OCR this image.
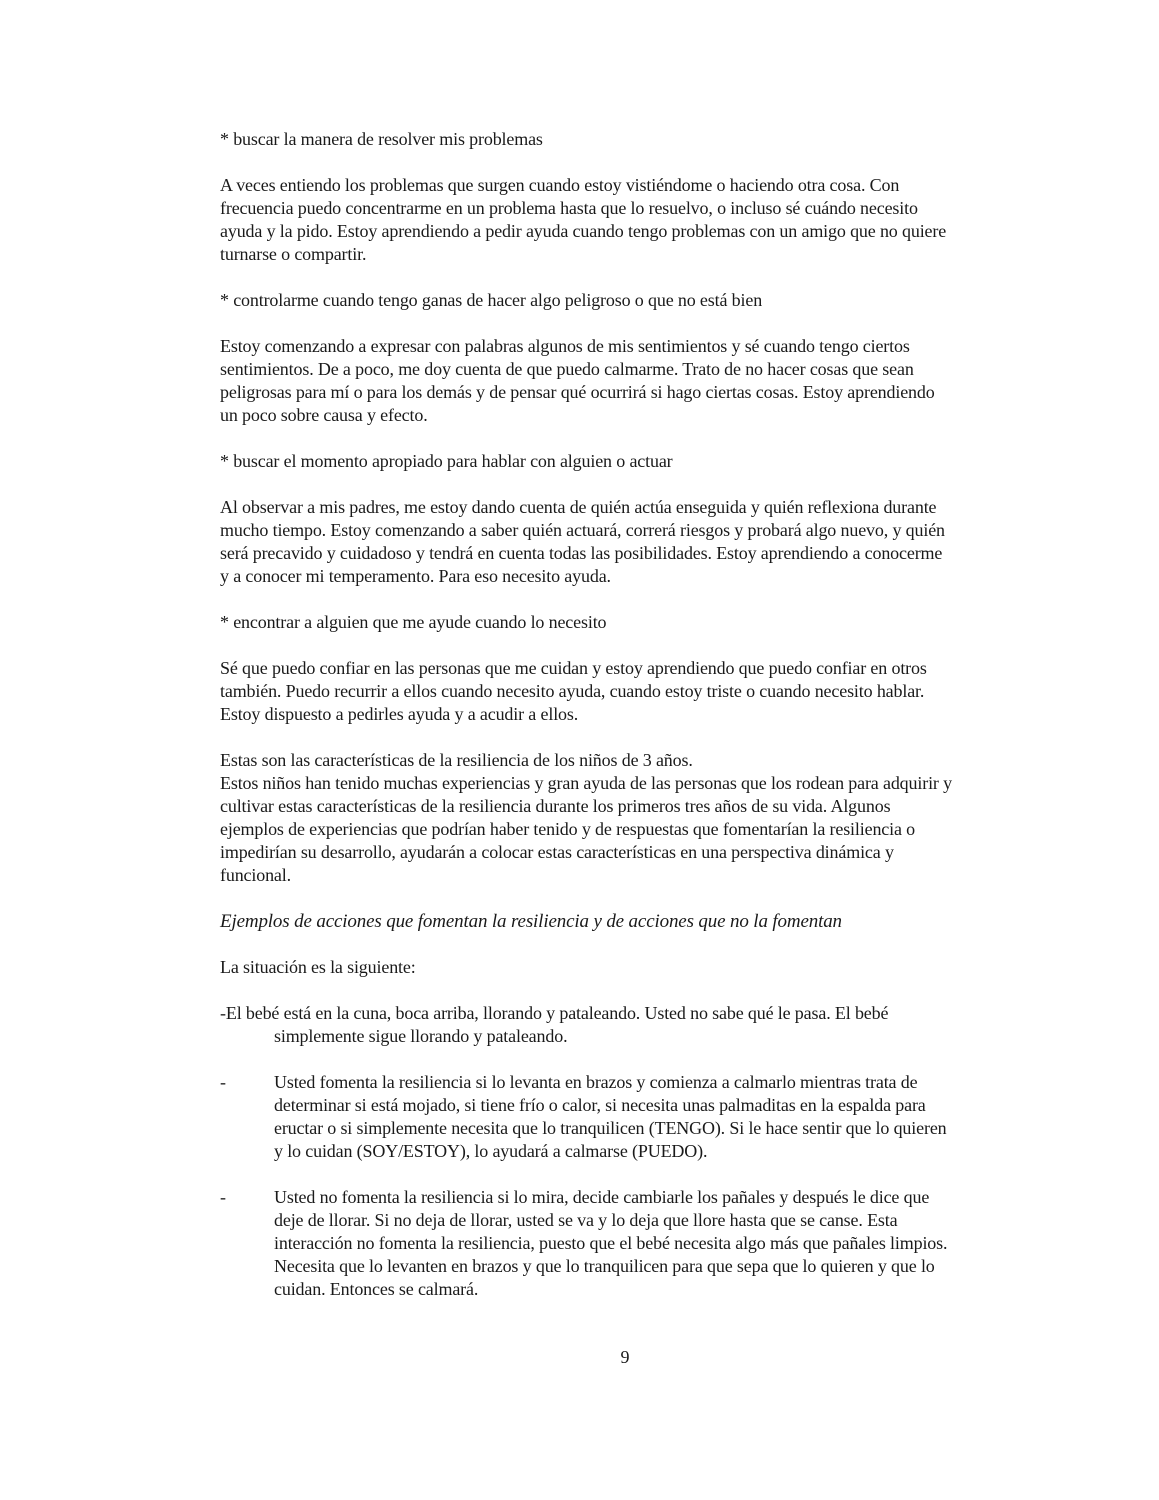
* buscar la manera de resolver mis problemas
A veces entiendo los problemas que surgen cuando estoy vistiéndome o haciendo otra cosa. Con
frecuencia puedo concentrarme en un problema hasta que lo resuelvo, o incluso sé cuándo necesito
ayuda y la pido. Estoy aprendiendo a pedir ayuda cuando tengo problemas con un amigo que no quiere
turnarse o compartir.
* controlarme cuando tengo ganas de hacer algo peligroso o que no está bien
Estoy comenzando a expresar con palabras algunos de mis sentimientos y sé cuando tengo ciertos
sentimientos. De a poco, me doy cuenta de que puedo calmarme. Trato de no hacer cosas que sean
peligrosas para mí o para los demás y de pensar qué ocurrirá si hago ciertas cosas. Estoy aprendiendo
un poco sobre causa y efecto.
* buscar el momento apropiado para hablar con alguien o actuar
Al observar a mis padres, me estoy dando cuenta de quién actúa enseguida y quién reflexiona durante
mucho tiempo. Estoy comenzando a saber quién actuará, correrá riesgos y probará algo nuevo, y quién
será precavido y cuidadoso y tendrá en cuenta todas las posibilidades. Estoy aprendiendo a conocerme
y a conocer mi temperamento. Para eso necesito ayuda.
* encontrar a alguien que me ayude cuando lo necesito
Sé que puedo confiar en las personas que me cuidan y estoy aprendiendo que puedo confiar en otros
también. Puedo recurrir a ellos cuando necesito ayuda, cuando estoy triste o cuando necesito hablar.
Estoy dispuesto a pedirles ayuda y a acudir a ellos.
Estas son las características de la resiliencia de los niños de 3 años.
Estos niños han tenido muchas experiencias y gran ayuda de las personas que los rodean para adquirir y
cultivar estas características de la resiliencia durante los primeros tres años de su vida. Algunos
ejemplos de experiencias que podrían haber tenido y de respuestas que fomentarían la resiliencia o
impedirían su desarrollo, ayudarán a colocar estas características en una perspectiva dinámica y
funcional.
Ejemplos de acciones que fomentan la resiliencia y de acciones que no la fomentan
La situación es la siguiente:
-El bebé está en la cuna, boca arriba, llorando y pataleando. Usted no sabe qué le pasa. El bebé
simplemente sigue llorando y pataleando.
-	Usted fomenta la resiliencia si lo levanta en brazos y comienza a calmarlo mientras trata de
determinar si está mojado, si tiene frío o calor, si necesita unas palmaditas en la espalda para
eructar o si simplemente necesita que lo tranquilicen (TENGO). Si le hace sentir que lo quieren
y lo cuidan (SOY/ESTOY), lo ayudará a calmarse (PUEDO).
-	Usted no fomenta la resiliencia si lo mira, decide cambiarle los pañales y después le dice que
deje de llorar. Si no deja de llorar, usted se va y lo deja que llore hasta que se canse. Esta
interacción no fomenta la resiliencia, puesto que el bebé necesita algo más que pañales limpios.
Necesita que lo levanten en brazos y que lo tranquilicen para que sepa que lo quieren y que lo
cuidan. Entonces se calmará.
9
